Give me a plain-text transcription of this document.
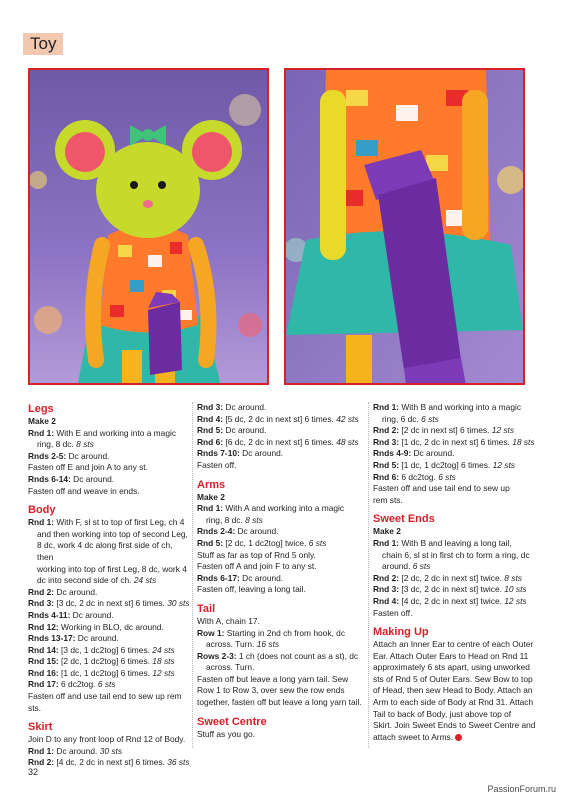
Toy
Legs

Make 2

Rnd 1: With E and working into a magic

ring, 8 dc. 8 sts

Rnds 2-5: Dc around.

Fasten off E and join A to any st.

Rnds 6-14: Dc around.

Fasten off and weave in ends.

Body

Rnd 1: With F, sl st to top of first Leg, ch 4

and then working into top of second Leg,

8 dc, work 4 dc along first side of ch, then

working into top of first Leg, 8 dc, work 4

dc into second side of ch. 24 sts

Rnd 2: Dc around.

Rnd 3: [3 dc, 2 dc in next st] 6 times. 30 sts

Rnds 4-11: Dc around.

Rnd 12: Working in BLO, dc around.

Rnds 13-17: Dc around.

Rnd 14: [3 dc, 1 dc2tog] 6 times. 24 sts

Rnd 15: [2 dc, 1 dc2tog] 6 times. 18 sts

Rnd 16: [1 dc, 1 dc2tog] 6 times. 12 sts

Rnd 17: 6 dc2tog. 6 sts

Fasten off and use tail end to sew up rem sts.

Skirt

Join D to any front loop of Rnd 12 of Body.

Rnd 1: Dc around. 30 sts

Rnd 2: [4 dc, 2 dc in next st] 6 times. 36 sts

Rnd 3: Dc around.

Rnd 4: [5 dc, 2 dc in next st] 6 times. 42 sts

Rnd 5: Dc around.

Rnd 6: [6 dc, 2 dc in next st] 6 times. 48 sts

Rnds 7-10: Dc around.

Fasten off.

Arms

Make 2

Rnd 1: With A and working into a magic

ring, 8 dc. 8 sts

Rnds 2-4: Dc around.

Rnd 5: [2 dc, 1 dc2tog] twice. 6 sts

Stuff as far as top of Rnd 5 only.

Fasten off A and join F to any st.

Rnds 6-17: Dc around.

Fasten off, leaving a long tail.

Tail

With A, chain 17.

Row 1: Starting in 2nd ch from hook, dc

across. Turn. 16 sts

Rows 2-3: 1 ch (does not count as a st), dc

across. Turn.

Fasten off but leave a long yarn tail. Sew

Row 1 to Row 3, over sew the row ends

together, fasten off but leave a long yarn tail.

Sweet Centre

Stuff as you go.

Rnd 1: With B and working into a magic

ring, 6 dc. 6 sts

Rnd 2: [2 dc in next st] 6 times. 12 sts

Rnd 3: [1 dc, 2 dc in next st] 6 times. 18 sts

Rnds 4-9: Dc around.

Rnd 5: [1 dc, 1 dc2tog] 6 times. 12 sts

Rnd 6: 6 dc2tog. 6 sts

Fasten off and use tail end to sew up

rem sts.

Sweet Ends

Make 2

Rnd 1: With B and leaving a long tail,

chain 6, sl st in first ch to form a ring, dc

around. 6 sts

Rnd 2: [2 dc, 2 dc in next st] twice. 8 sts

Rnd 3: [3 dc, 2 dc in next st] twice. 10 sts

Rnd 4: [4 dc, 2 dc in next st] twice. 12 sts

Fasten off.

Making Up

Attach an Inner Ear to centre of each Outer

Ear. Attach Outer Ears to Head on Rnd 11

approximately 6 sts apart, using unworked

sts of Rnd 5 of Outer Ears. Sew Bow to top

of Head, then sew Head to Body. Attach an

Arm to each side of Body at Rnd 31. Attach

Tail to back of Body, just above top of

Skirt. Join Sweet Ends to Sweet Centre and

attach sweet to Arms.

32
PassionForum.ru
